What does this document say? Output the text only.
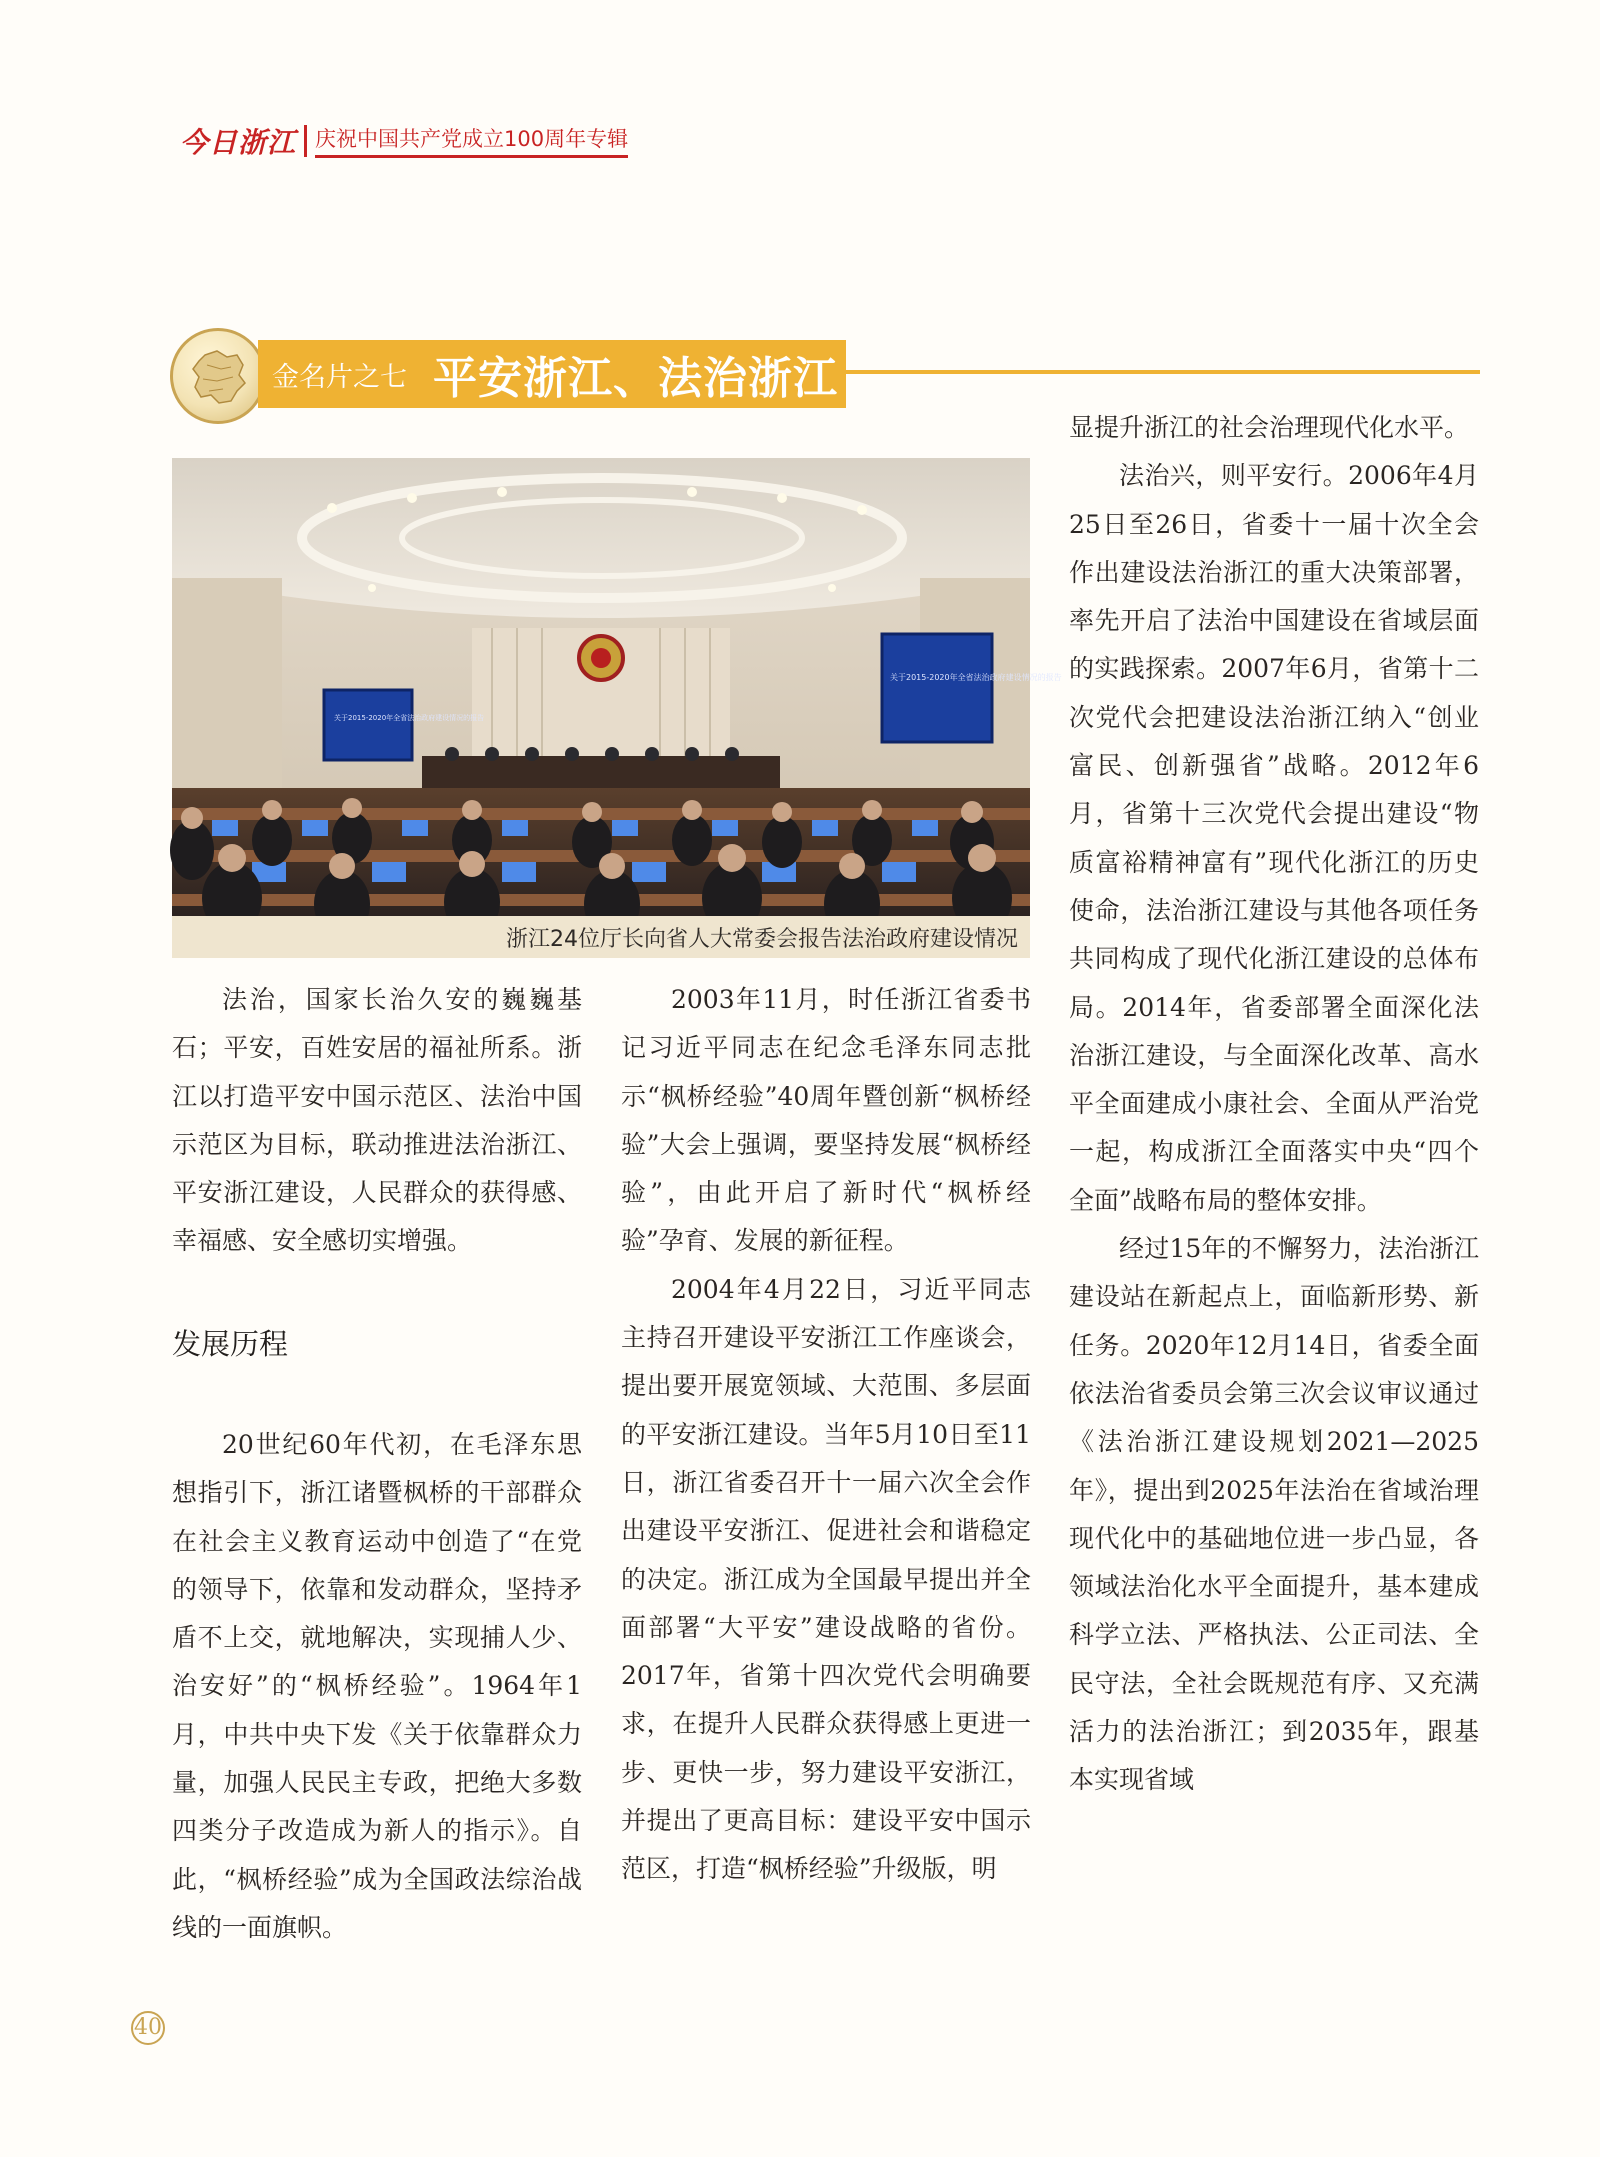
今日浙江 庆祝中国共产党成立100周年专辑
金名片之七 平安浙江、法治浙江
关于2015-2020年全省法治政府建设情况的报告
关于2015-2020年全省法治政府建设情况的报告
浙江24位厅长向省人大常委会报告法治政府建设情况

法治，国家长治久安的巍巍基石；平安，百姓安居的福祉所系。浙江以打造平安中国示范区、法治中国示范区为目标，联动推进法治浙江、平安浙江建设，人民群众的获得感、幸福感、安全感切实增强。

发展历程

20世纪60年代初，在毛泽东思想指引下，浙江诸暨枫桥的干部群众在社会主义教育运动中创造了“在党的领导下，依靠和发动群众，坚持矛盾不上交，就地解决，实现捕人少、治安好”的“枫桥经验”。1964年1月，中共中央下发《关于依靠群众力量，加强人民民主专政，把绝大多数四类分子改造成为新人的指示》。自此，“枫桥经验”成为全国政法综治战线的一面旗帜。

2003年11月，时任浙江省委书记习近平同志在纪念毛泽东同志批示“枫桥经验”40周年暨创新“枫桥经验”大会上强调，要坚持发展“枫桥经验”，由此开启了新时代“枫桥经验”孕育、发展的新征程。

2004年4月22日，习近平同志主持召开建设平安浙江工作座谈会，提出要开展宽领域、大范围、多层面的平安浙江建设。当年5月10日至11日，浙江省委召开十一届六次全会作出建设平安浙江、促进社会和谐稳定的决定。浙江成为全国最早提出并全面部署“大平安”建设战略的省份。2017年，省第十四次党代会明确要求，在提升人民群众获得感上更进一步、更快一步，努力建设平安浙江，并提出了更高目标：建设平安中国示范区，打造“枫桥经验”升级版，明

显提升浙江的社会治理现代化水平。

法治兴，则平安行。2006年4月25日至26日，省委十一届十次全会作出建设法治浙江的重大决策部署，率先开启了法治中国建设在省域层面的实践探索。2007年6月，省第十二次党代会把建设法治浙江纳入“创业富民、创新强省”战略。2012年6月，省第十三次党代会提出建设“物质富裕精神富有”现代化浙江的历史使命，法治浙江建设与其他各项任务共同构成了现代化浙江建设的总体布局。2014年，省委部署全面深化法治浙江建设，与全面深化改革、高水平全面建成小康社会、全面从严治党一起，构成浙江全面落实中央“四个全面”战略布局的整体安排。

经过15年的不懈努力，法治浙江建设站在新起点上，面临新形势、新任务。2020年12月14日，省委全面依法治省委员会第三次会议审议通过《法治浙江建设规划2021—2025年》，提出到2025年法治在省域治理现代化中的基础地位进一步凸显，各领域法治化水平全面提升，基本建成科学立法、严格执法、公正司法、全民守法，全社会既规范有序、又充满活力的法治浙江；到2035年，跟基本实现省域

40
